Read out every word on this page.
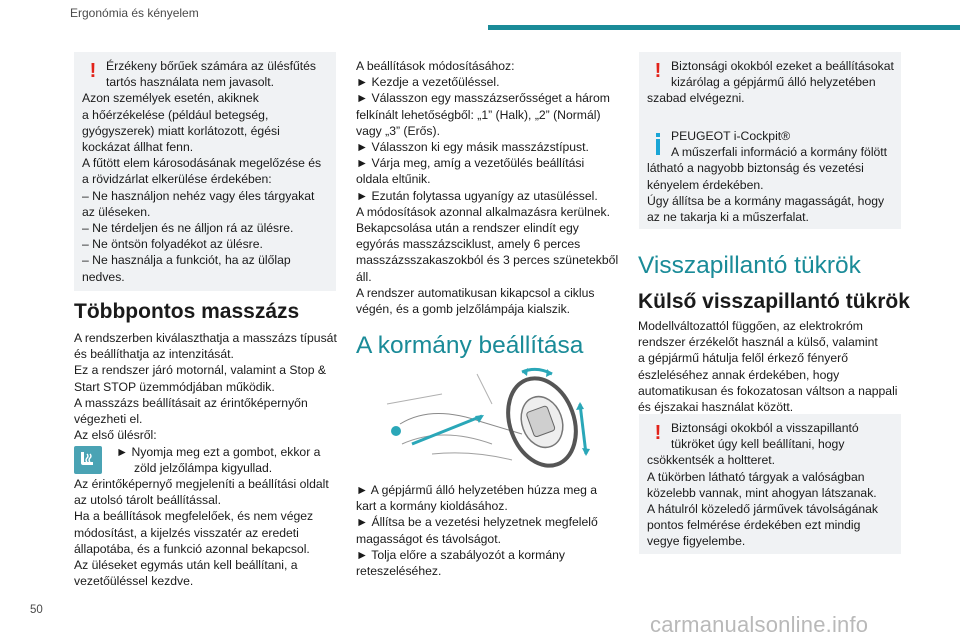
Ergonómia és kényelem
! Érzékeny bőrűek számára az ülésfűtés
tartós használata nem javasolt.
Azon személyek esetén, akiknek
a hőérzékelése (például betegség,
gyógyszerek) miatt korlátozott, égési
kockázat állhat fenn.
A fűtött elem károsodásának megelőzése és
a rövidzárlat elkerülése érdekében:
– Ne használjon nehéz vagy éles tárgyakat
az üléseken.
– Ne térdeljen és ne álljon rá az ülésre.
– Ne öntsön folyadékot az ülésre.
– Ne használja a funkciót, ha az ülőlap
nedves.
Többpontos masszázs
A rendszerben kiválaszthatja a masszázs típusát
és beállíthatja az intenzitását.
Ez a rendszer járó motornál, valamint a Stop &
Start STOP üzemmódjában működik.
A masszázs beállításait az érintőképernyőn
végezheti el.
Az első ülésről:
► Nyomja meg ezt a gombot, ekkor a
zöld jelzőlámpa kigyullad.
Az érintőképernyő megjeleníti a beállítási oldalt
az utolsó tárolt beállítással.
Ha a beállítások megfelelőek, és nem végez
módosítást, a kijelzés visszatér az eredeti
állapotába, és a funkció azonnal bekapcsol.
Az üléseket egymás után kell beállítani, a
vezetőüléssel kezdve.
A beállítások módosításához:
► Kezdje a vezetőüléssel.
► Válasszon egy masszázserősséget a három
felkínált lehetőségből: „1” (Halk), „2” (Normál)
vagy „3” (Erős).
► Válasszon ki egy másik masszázstípust.
► Várja meg, amíg a vezetőülés beállítási
oldala eltűnik.
► Ezután folytassa ugyanígy az utasüléssel.
A módosítások azonnal alkalmazásra kerülnek.
Bekapcsolása után a rendszer elindít egy
egyórás masszázsciklust, amely 6 perces
masszázsszakaszokból és 3 perces szünetekből
áll.
A rendszer automatikusan kikapcsol a ciklus
végén, és a gomb jelzőlámpája kialszik.
A kormány beállítása
► A gépjármű álló helyzetében húzza meg a
kart a kormány kioldásához.
► Állítsa be a vezetési helyzetnek megfelelő
magasságot és távolságot.
► Tolja előre a szabályozót a kormány
reteszeléséhez.
! Biztonsági okokból ezeket a beállításokat
kizárólag a gépjármű álló helyzetében
szabad elvégezni.
PEUGEOT i-Cockpit®
A műszerfali információ a kormány fölött
látható a nagyobb biztonság és vezetési
kényelem érdekében.
Úgy állítsa be a kormány magasságát, hogy
az ne takarja ki a műszerfalat.
Visszapillantó tükrök
Külső visszapillantó tükrök
Modellváltozattól függően, az elektrokróm
rendszer érzékelőt használ a külső, valamint
a gépjármű hátulja felől érkező fényerő
észleléséhez annak érdekében, hogy
automatikusan és fokozatosan váltson a nappali
és éjszakai használat között.
! Biztonsági okokból a visszapillantó
tükröket úgy kell beállítani, hogy
csökkentsék a holtteret.
A tükörben látható tárgyak a valóságban
közelebb vannak, mint ahogyan látszanak.
A hátulról közeledő járművek távolságának
pontos felmérése érdekében ezt mindig
vegye figyelembe.
50
carmanualsonline.info
